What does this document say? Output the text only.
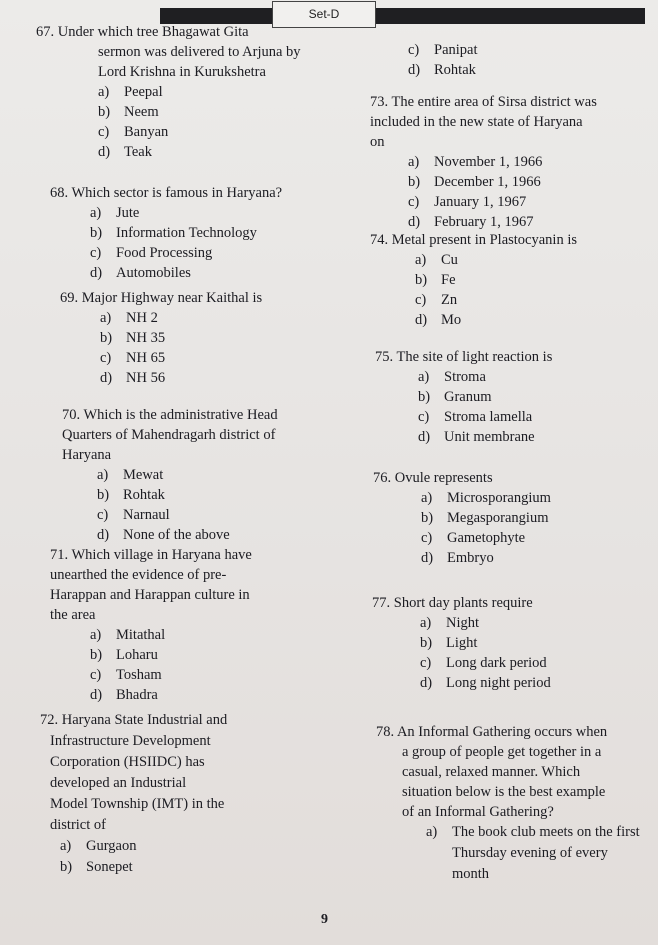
Set-D
67. Under which tree Bhagawat Gita
sermon was delivered to Arjuna by
Lord Krishna in Kurukshetra
a)	Peepal
b) Neem
c)	Banyan
d) Teak
68. Which sector is famous in Haryana?
a)	Jute
b) Information Technology
c)	Food Processing
d) Automobiles
69. Major Highway near Kaithal is
a)	NH 2
b) NH 35
c)	NH 65
d) NH 56
70. Which is the administrative Head
Quarters of Mahendragarh district of
Haryana
a)	Mewat
b) Rohtak
c)	Narnaul
d) None of the above
71. Which village in Haryana have
unearthed the evidence of pre-
Harappan and Harappan culture in
the area
a)	Mitathal
b) Loharu
c)	Tosham
d) Bhadra
72. Haryana State Industrial and
Infrastructure Development
Corporation (HSIIDC) has
developed an Industrial
Model Township (IMT) in the
district of
a)	Gurgaon
b) Sonepet
c)	Panipat
d) Rohtak
73. The entire area of Sirsa district was
included in the new state of Haryana
on
a)	November 1, 1966
b) December 1, 1966
c)	January 1, 1967
d) February 1, 1967
74. Metal present in Plastocyanin is
a)	Cu
b) Fe
c)	Zn
d) Mo
75. The site of light reaction is
a)	Stroma
b) Granum
c)	Stroma lamella
d) Unit membrane
76. Ovule represents
a)	Microsporangium
b) Megasporangium
c)	Gametophyte
d) Embryo
77. Short day plants require
a)	Night
b) Light
c)	Long dark period
d) Long night period
78. An Informal Gathering occurs when
a group of people get together in a
casual, relaxed manner. Which
situation below is the best example
of an Informal Gathering?
a)	The book club meets on the first Thursday evening of every month
9
